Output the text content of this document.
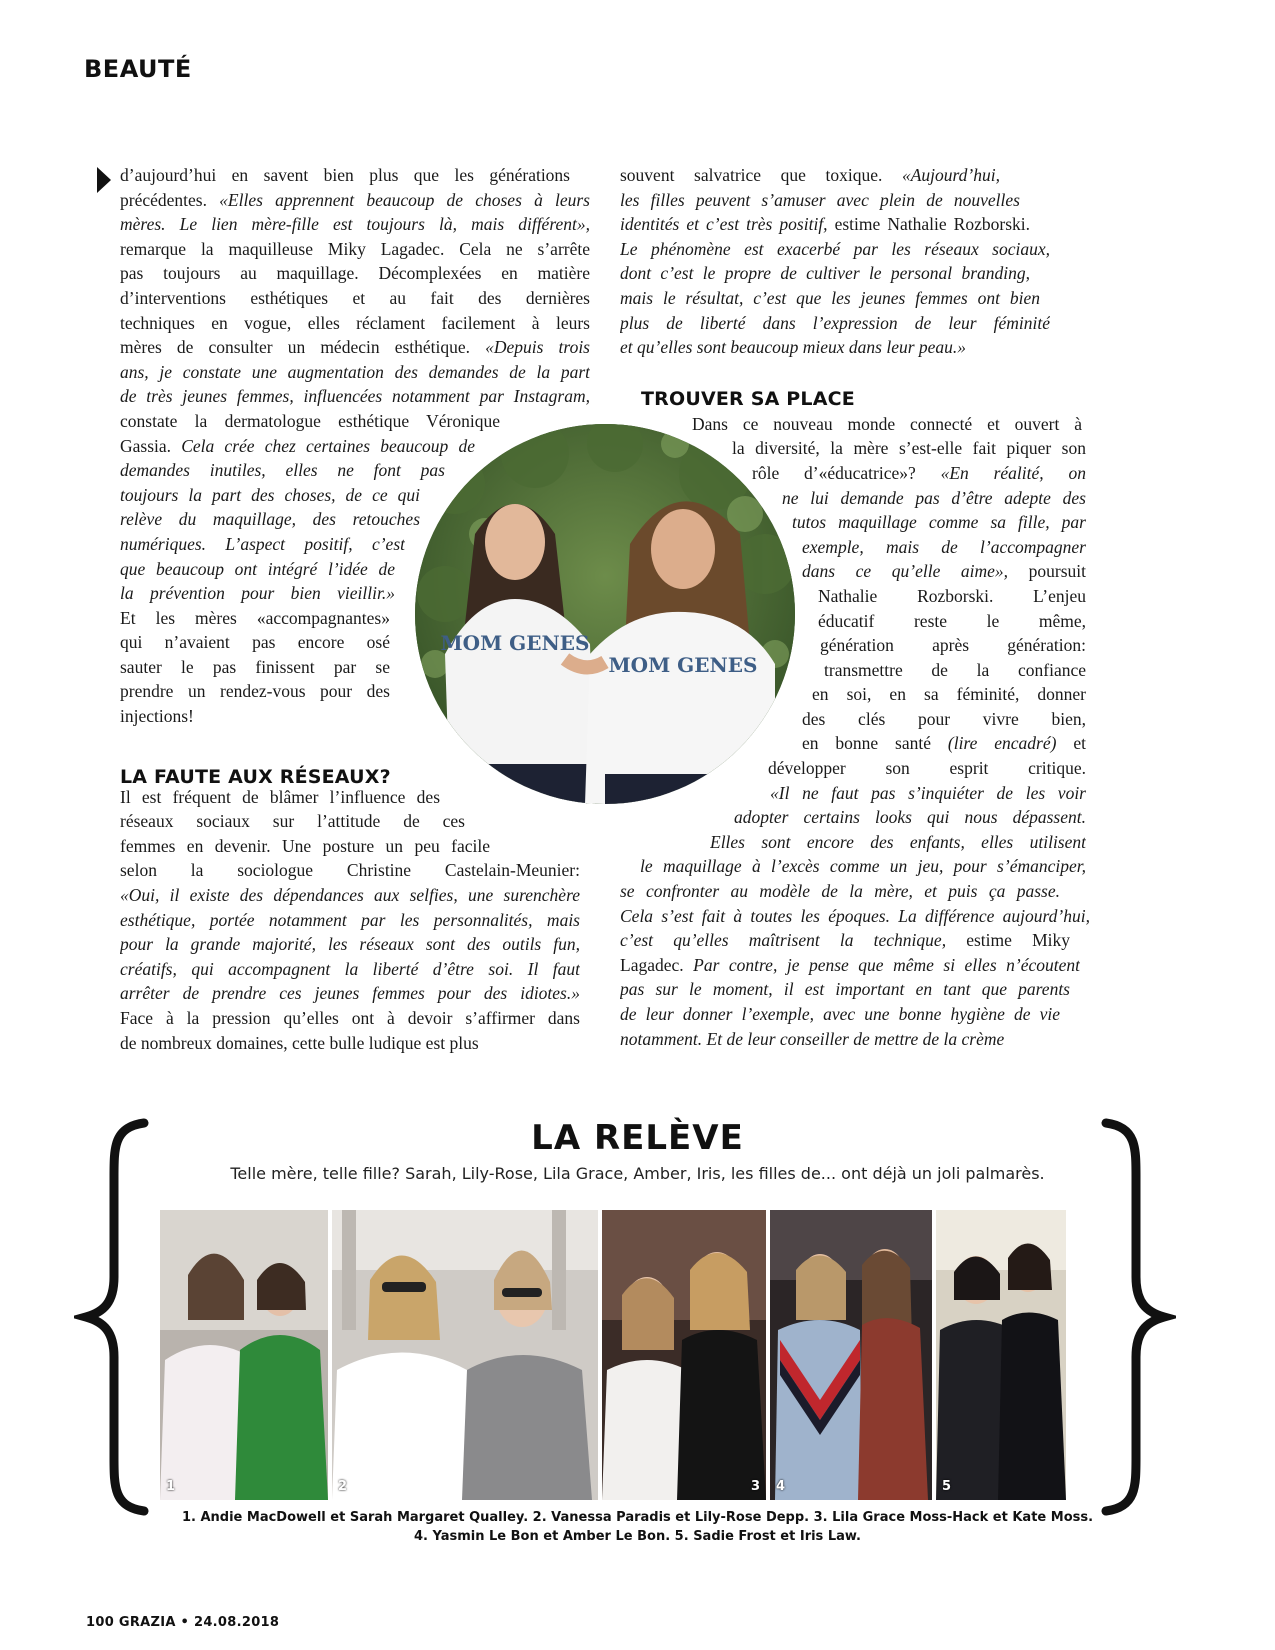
BEAUTÉ
d’aujourd’hui en savent bien plus que les générations
précédentes. «Elles apprennent beaucoup de choses à leurs
mères. Le lien mère-fille est toujours là, mais différent»,
remarque la maquilleuse Miky Lagadec. Cela ne s’arrête
pas toujours au maquillage. Décomplexées en matière
d’interventions esthétiques et au fait des dernières
techniques en vogue, elles réclament facilement à leurs
mères de consulter un médecin esthétique. «Depuis trois
ans, je constate une augmentation des demandes de la part
de très jeunes femmes, influencées notamment par Instagram,
constate la dermatologue esthétique Véronique
Gassia. Cela crée chez certaines beaucoup de
demandes inutiles, elles ne font pas
toujours la part des choses, de ce qui
relève du maquillage, des retouches
numériques. L’aspect positif, c’est
que beaucoup ont intégré l’idée de
la prévention pour bien vieillir.»
Et les mères «accompagnantes»
qui n’avaient pas encore osé
sauter le pas finissent par se
prendre un rendez-vous pour des
injections!
Il est fréquent de blâmer l’influence des
réseaux sociaux sur l’attitude de ces
femmes en devenir. Une posture un peu facile
selon la sociologue Christine Castelain-Meunier:
«Oui, il existe des dépendances aux selfies, une surenchère
esthétique, portée notamment par les personnalités, mais
pour la grande majorité, les réseaux sont des outils fun,
créatifs, qui accompagnent la liberté d’être soi. Il faut
arrêter de prendre ces jeunes femmes pour des idiotes.»
Face à la pression qu’elles ont à devoir s’affirmer dans
de nombreux domaines, cette bulle ludique est plus
LA FAUTE AUX RÉSEAUX?
souvent salvatrice que toxique. «Aujourd’hui,
les filles peuvent s’amuser avec plein de nouvelles
identités et c’est très positif, estime Nathalie Rozborski.
Le phénomène est exacerbé par les réseaux sociaux,
dont c’est le propre de cultiver le personal branding,
mais le résultat, c’est que les jeunes femmes ont bien
plus de liberté dans l’expression de leur féminité
et qu’elles sont beaucoup mieux dans leur peau.»
Dans ce nouveau monde connecté et ouvert à
la diversité, la mère s’est-elle fait piquer son
rôle d’«éducatrice»? «En réalité, on
ne lui demande pas d’être adepte des
tutos maquillage comme sa fille, par
exemple, mais de l’accompagner
dans ce qu’elle aime», poursuit
Nathalie Rozborski. L’enjeu
éducatif reste le même,
génération après génération:
transmettre de la confiance
en soi, en sa féminité, donner
des clés pour vivre bien,
en bonne santé (lire encadré) et
développer son esprit critique.
«Il ne faut pas s’inquiéter de les voir
adopter certains looks qui nous dépassent.
Elles sont encore des enfants, elles utilisent
le maquillage à l’excès comme un jeu, pour s’émanciper,
se confronter au modèle de la mère, et puis ça passe.
Cela s’est fait à toutes les époques. La différence aujourd’hui,
c’est qu’elles maîtrisent la technique, estime Miky
Lagadec. Par contre, je pense que même si elles n’écoutent
pas sur le moment, il est important en tant que parents
de leur donner l’exemple, avec une bonne hygiène de vie
notamment. Et de leur conseiller de mettre de la crème
TROUVER SA PLACE
MOM GENES
MOM GENES
LA RELÈVE
Telle mère, telle fille? Sarah, Lily-Rose, Lila Grace, Amber, Iris, les filles de... ont déjà un joli palmarès.
1	2	3 4	5
1. Andie MacDowell et Sarah Margaret Qualley. 2. Vanessa Paradis et Lily-Rose Depp. 3. Lila Grace Moss-Hack et Kate Moss.
4. Yasmin Le Bon et Amber Le Bon. 5. Sadie Frost et Iris Law.
100 GRAZIA • 24.08.2018
